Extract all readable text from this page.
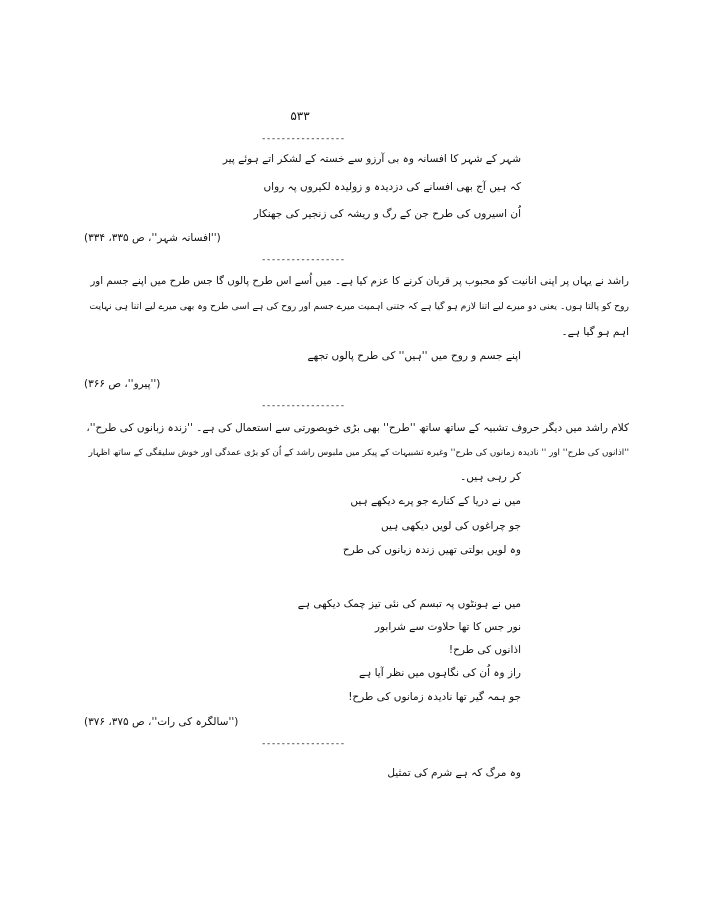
۵۳۳
-----------------
شہر کے شہر کا افسانہ وہ بی آرزو سے خستہ کے لشکر اتے ہوئے پیر
کہ ہیں آج بھی افسانے کی دزدیدہ و زولیدہ لکیروں پہ رواں
اُن اسیروں کی طرح جن کے رگ و ریشہ کی زنجیر کی جھنکار
(''افسانہ شہر''، ص ۳۳۵، ۳۳۴)
-----------------
راشد نے یہاں پر اپنی انانیت کو محبوب پر قربان کرنے کا عزم کیا ہے۔ میں اُسے اس طرح پالوں گا جس طرح میں اپنے جسم اور
روح کو پالتا ہوں۔ یعنی دو میرے لیے اتنا لازم ہو گیا ہے کہ جتنی اہمیت میرے جسم اور روح کی ہے اسی طرح وہ بھی میرے لیے اتنا ہی نہایت
اہم ہو گیا ہے۔
اپنے جسم و روح میں ''ہیں'' کی طرح پالوں تجھے
(''پیرو''، ص ۳۶۶)
-----------------
کلام راشد میں دیگر حروف تشبیہ کے ساتھ ساتھ ''طرح'' بھی بڑی خوبصورتی سے استعمال کی ہے۔ ''زندہ زبانوں کی طرح''،
''اذانوں کی طرح'' اور '' نادیدہ زمانوں کی طرح'' وغیرہ تشبیہات کے پیکر میں ملبوس راشد کے اُن کو بڑی عمدگی اور خوش سلیقگی کے ساتھ اظہار
کر رہی ہیں۔
میں نے دریا کے کنارے جو پرے دیکھے ہیں
جو چراغوں کی لویں دیکھی ہیں
وہ لویں بولتی تھیں زندہ زبانوں کی طرح
میں نے ہونٹوں پہ تبسم کی نئی تیز چمک دیکھی ہے
نور جس کا تھا حلاوت سے شرابور
اذانوں کی طرح!
راز وہ اُن کی نگاہوں میں نظر آیا ہے
جو ہمہ گیر تھا نادیدہ زمانوں کی طرح!
(''سالگرہ کی رات''، ص ۳۷۵، ۳۷۶)
-----------------
وہ مرگ کہ ہے شرم کی تمثیل
